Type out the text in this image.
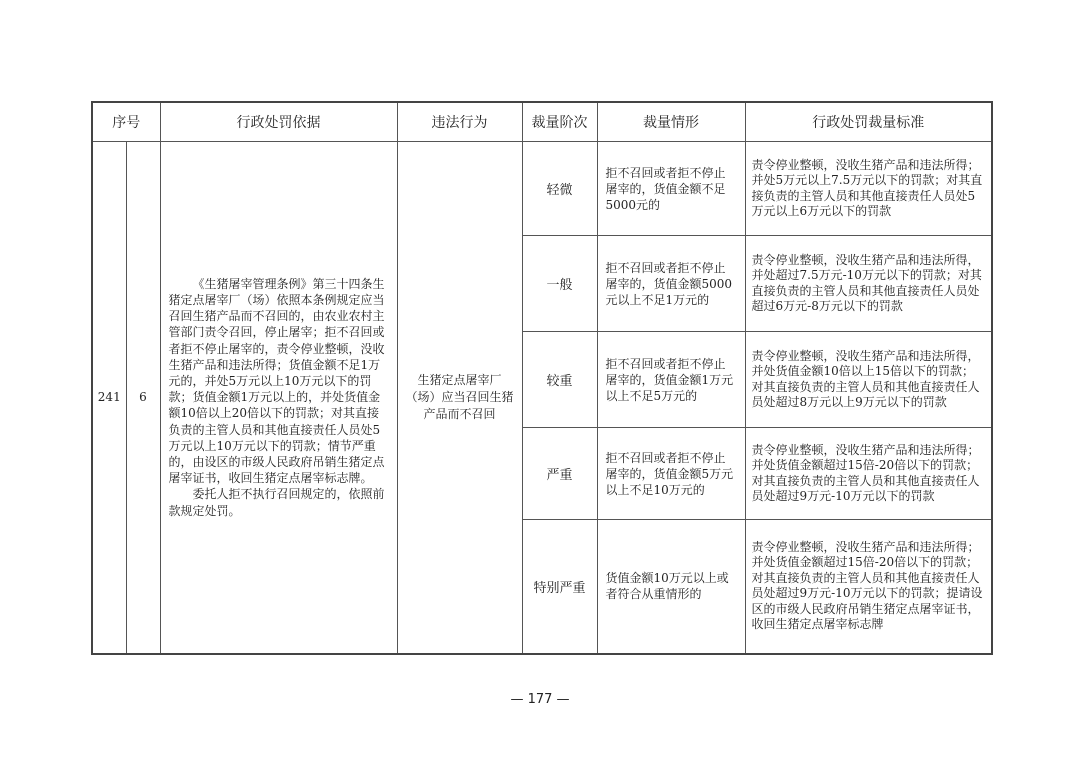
序号		行政处罚依据	违法行为	裁量阶次	裁量情形	行政处罚裁量标准
241	6	《生猪屠宰管理条例》第三十四条生猪定点屠宰厂（场）依照本条例规定应当召回生猪产品而不召回的，由农业农村主管部门责令召回，停止屠宰；拒不召回或者拒不停止屠宰的，责令停业整顿，没收生猪产品和违法所得；货值金额不足1万元的，并处5万元以上10万元以下的罚款；货值金额1万元以上的，并处货值金额10倍以上20倍以下的罚款；对其直接负责的主管人员和其他直接责任人员处5万元以上10万元以下的罚款；情节严重的，由设区的市级人民政府吊销生猪定点屠宰证书，收回生猪定点屠宰标志牌。

委托人拒不执行召回规定的，依照前款规定处罚。	生猪定点屠宰厂（场）应当召回生猪产品而不召回	轻微	拒不召回或者拒不停止屠宰的，货值金额不足5000元的	责令停业整顿，没收生猪产品和违法所得；并处5万元以上7.5万元以下的罚款；对其直接负责的主管人员和其他直接责任人员处5万元以上6万元以下的罚款
				一般	拒不召回或者拒不停止屠宰的，货值金额5000元以上不足1万元的	责令停业整顿，没收生猪产品和违法所得，并处超过7.5万元-10万元以下的罚款；对其直接负责的主管人员和其他直接责任人员处超过6万元-8万元以下的罚款
				较重	拒不召回或者拒不停止屠宰的，货值金额1万元以上不足5万元的	责令停业整顿，没收生猪产品和违法所得，并处货值金额10倍以上15倍以下的罚款；对其直接负责的主管人员和其他直接责任人员处超过8万元以上9万元以下的罚款
				严重	拒不召回或者拒不停止屠宰的，货值金额5万元以上不足10万元的	责令停业整顿，没收生猪产品和违法所得；并处货值金额超过15倍-20倍以下的罚款；对其直接负责的主管人员和其他直接责任人员处超过9万元-10万元以下的罚款
				特别严重	货值金额10万元以上或者符合从重情形的	责令停业整顿，没收生猪产品和违法所得；并处货值金额超过15倍-20倍以下的罚款；对其直接负责的主管人员和其他直接责任人员处超过9万元-10万元以下的罚款；提请设区的市级人民政府吊销生猪定点屠宰证书，收回生猪定点屠宰标志牌
— 177 —
